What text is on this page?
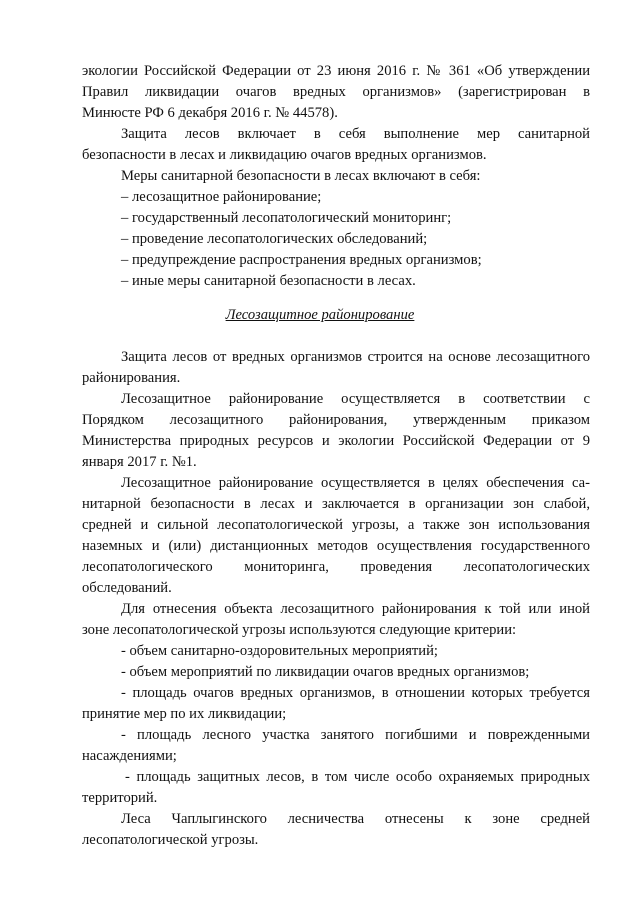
экологии Российской Федерации от 23 июня 2016 г. № 361 «Об утверждении
Правил ликвидации очагов вредных организмов» (зарегистрирован в
Минюсте РФ 6 декабря 2016 г. № 44578).
Защита лесов включает в себя выполнение мер санитарной
безопасности в лесах и ликвидацию очагов вредных организмов.
Меры санитарной безопасности в лесах включают в себя:
– лесозащитное районирование;
– государственный лесопатологический мониторинг;
– проведение лесопатологических обследований;
– предупреждение распространения вредных организмов;
– иные меры санитарной безопасности в лесах.
Лесозащитное районирование
Защита лесов от вредных организмов строится на основе лесозащитного
районирования.
Лесозащитное районирование осуществляется в соответствии с
Порядком лесозащитного районирования, утвержденным приказом
Министерства природных ресурсов и экологии Российской Федерации от 9
января 2017 г. №1.
Лесозащитное районирование осуществляется в целях обеспечения са-
нитарной безопасности в лесах и заключается в организации зон слабой,
средней и сильной лесопатологической угрозы, а также зон использования
наземных и (или) дистанционных методов осуществления государственного
лесопатологического мониторинга, проведения лесопатологических
обследований.
Для отнесения объекта лесозащитного районирования к той или иной
зоне лесопатологической угрозы используются следующие критерии:
- объем санитарно-оздоровительных мероприятий;
- объем мероприятий по ликвидации очагов вредных организмов;
- площадь очагов вредных организмов, в отношении которых требуется
принятие мер по их ликвидации;
- площадь лесного участка занятого погибшими и поврежденными
насаждениями;
- площадь защитных лесов, в том числе особо охраняемых природных
территорий.
Леса Чаплыгинского лесничества отнесены к зоне средней
лесопатологической угрозы.
